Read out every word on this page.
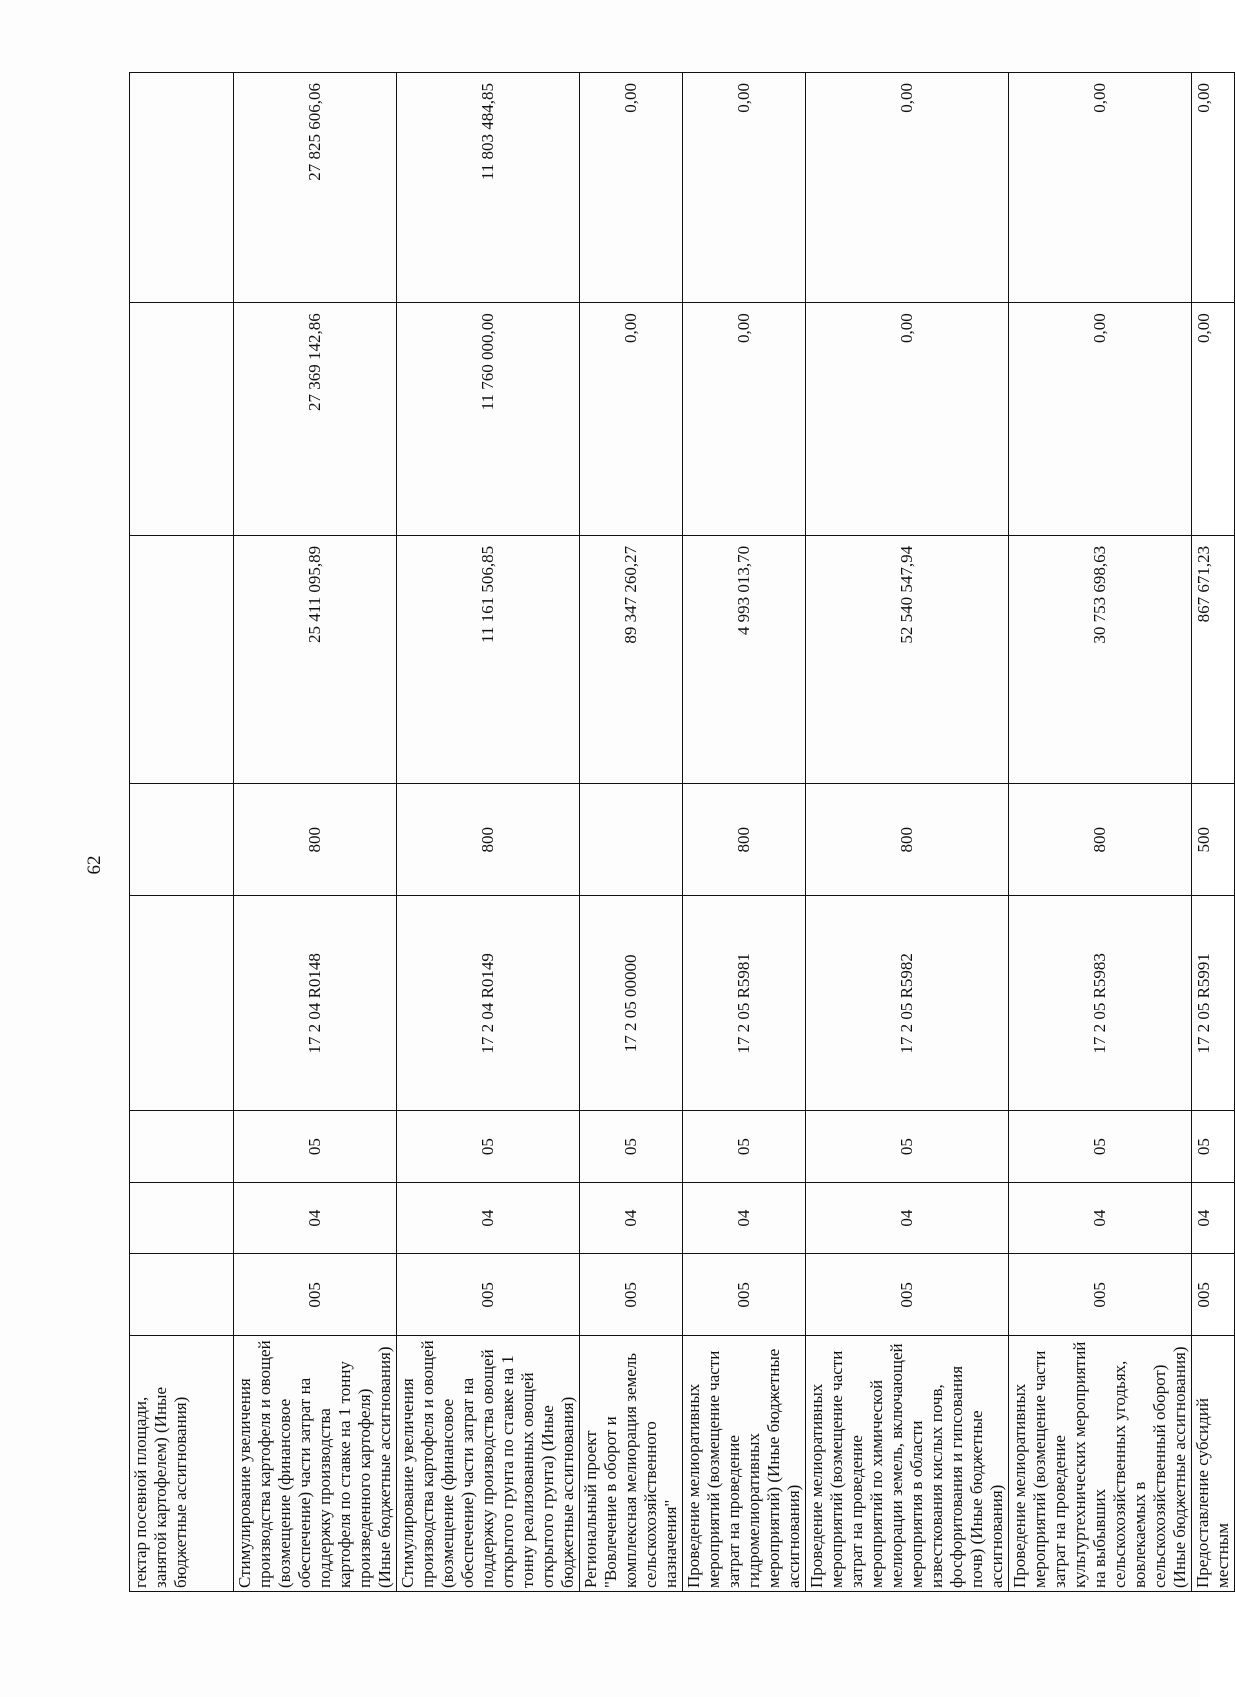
62
гектар посевной площади, занятой картофелем) (Иные бюджетные ассигнования)								
Стимулирование увеличения производства картофеля и овощей (возмещение (финансовое обеспечение) части затрат на поддержку производства картофеля по ставке на 1 тонну произведенного картофеля) (Иные бюджетные ассигнования)	005	04	05	17 2 04 R0148	800	25 411 095,89	27 369 142,86	27 825 606,06
Стимулирование увеличения производства картофеля и овощей (возмещение (финансовое обеспечение) части затрат на поддержку производства овощей открытого грунта по ставке на 1 тонну реализованных овощей открытого грунта) (Иные бюджетные ассигнования)	005	04	05	17 2 04 R0149	800	11 161 506,85	11 760 000,00	11 803 484,85
Региональный проект "Вовлечение в оборот и комплексная мелиорация земель сельскохозяйственного назначения"	005	04	05	17 2 05 00000		89 347 260,27	0,00	0,00
Проведение мелиоративных мероприятий (возмещение части затрат на проведение гидромелиоративных мероприятий) (Иные бюджетные ассигнования)	005	04	05	17 2 05 R5981	800	4 993 013,70	0,00	0,00
Проведение мелиоративных мероприятий (возмещение части затрат на проведение мероприятий по химической мелиорации земель, включающей мероприятия в области известкования кислых почв, фосфоритования и гипсования почв) (Иные бюджетные ассигнования)	005	04	05	17 2 05 R5982	800	52 540 547,94	0,00	0,00
Проведение мелиоративных мероприятий (возмещение части затрат на проведение культуртехнических мероприятий на выбывших сельскохозяйственных угодьях, вовлекаемых в сельскохозяйственный оборот) (Иные бюджетные ассигнования)	005	04	05	17 2 05 R5983	800	30 753 698,63	0,00	0,00
Предоставление субсидий местным	005	04	05	17 2 05 R5991	500	867 671,23	0,00	0,00
